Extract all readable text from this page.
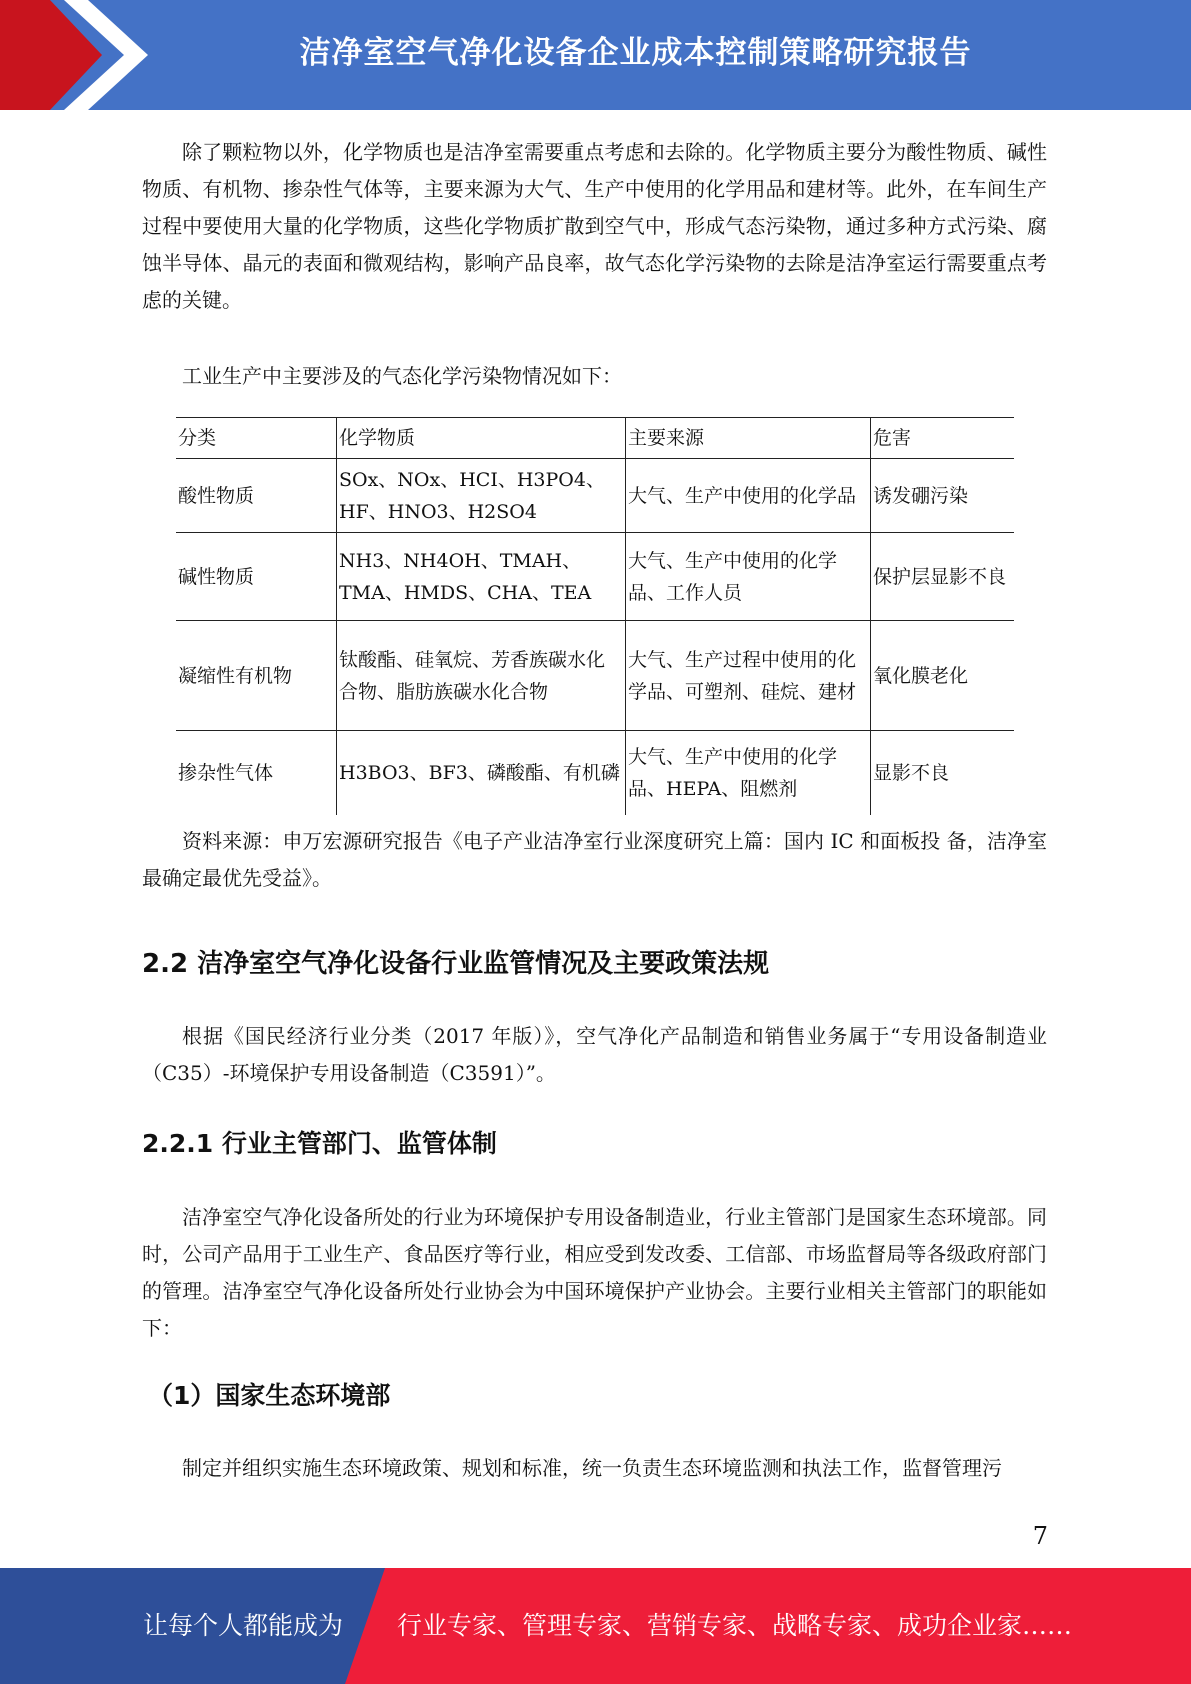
洁净室空气净化设备企业成本控制策略研究报告

除了颗粒物以外，化学物质也是洁净室需要重点考虑和去除的。化学物质主要分为酸性物质、碱性物质、有机物、掺杂性气体等，主要来源为大气、生产中使用的化学用品和建材等。此外，在车间生产过程中要使用大量的化学物质，这些化学物质扩散到空气中，形成气态污染物，通过多种方式污染、腐蚀半导体、晶元的表面和微观结构，影响产品良率，故气态化学污染物的去除是洁净室运行需要重点考虑的关键。

工业生产中主要涉及的气态化学污染物情况如下：

分类	化学物质	主要来源	危害
酸性物质	SOx、NOx、HCI、H3PO4、HF、HNO3、H2SO4	大气、生产中使用的化学品	诱发硼污染
碱性物质	NH3、NH4OH、TMAH、TMA、HMDS、CHA、TEA	大气、生产中使用的化学品、工作人员	保护层显影不良
凝缩性有机物	钛酸酯、硅氧烷、芳香族碳水化合物、脂肪族碳水化合物	大气、生产过程中使用的化学品、可塑剂、硅烷、建材	氧化膜老化
掺杂性气体	H3BO3、BF3、磷酸酯、有机磷	大气、生产中使用的化学品、HEPA、阻燃剂	显影不良

资料来源：申万宏源研究报告《电子产业洁净室行业深度研究上篇：国内 IC 和面板投 备，洁净室最确定最优先受益》。

2.2 洁净室空气净化设备行业监管情况及主要政策法规

根据《国民经济行业分类（2017 年版）》，空气净化产品制造和销售业务属于“专用设备制造业（C35）-环境保护专用设备制造（C3591）”。

2.2.1 行业主管部门、监管体制

洁净室空气净化设备所处的行业为环境保护专用设备制造业，行业主管部门是国家生态环境部。同时，公司产品用于工业生产、食品医疗等行业，相应受到发改委、工信部、市场监督局等各级政府部门的管理。洁净室空气净化设备所处行业协会为中国环境保护产业协会。主要行业相关主管部门的职能如下：

（1）国家生态环境部

制定并组织实施生态环境政策、规划和标准，统一负责生态环境监测和执法工作，监督管理污

7
让每个人都能成为 行业专家、管理专家、营销专家、战略专家、成功企业家……
